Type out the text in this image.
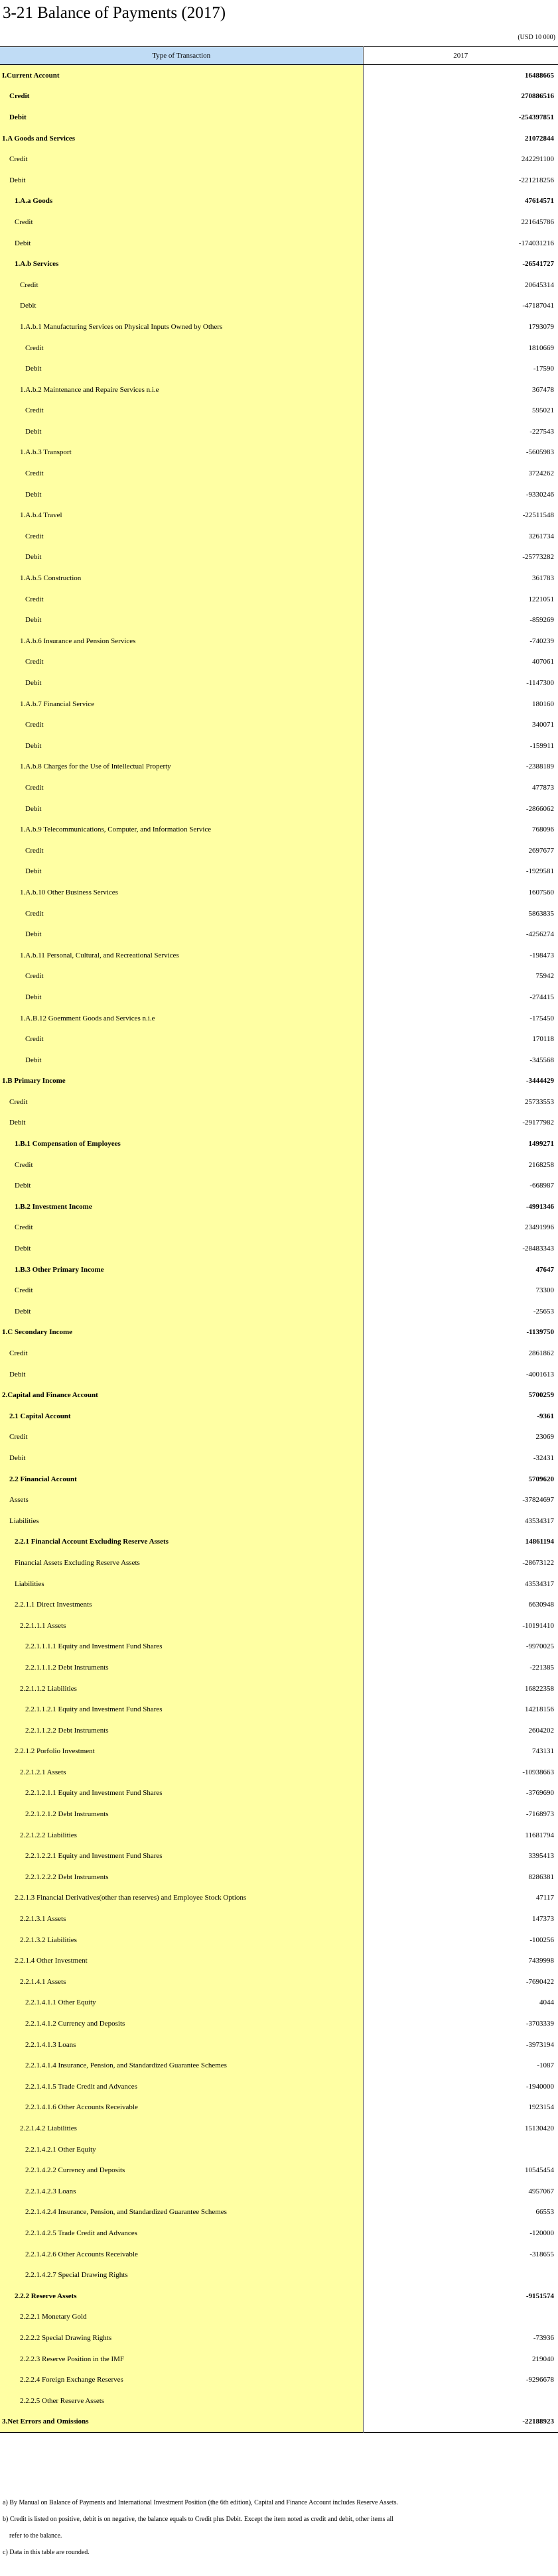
3-21 Balance of Payments (2017)
(USD 10 000)
Type of Transaction	2017
I.Current Account	16488665
Credit	270886516
Debit	-254397851
1.A Goods and Services	21072844
Credit	242291100
Debit	-221218256
1.A.a Goods	47614571
Credit	221645786
Debit	-174031216
1.A.b Services	-26541727
Credit	20645314
Debit	-47187041
1.A.b.1 Manufacturing Services on Physical Inputs Owned by Others	1793079
Credit	1810669
Debit	-17590
1.A.b.2 Maintenance and Repaire Services n.i.e	367478
Credit	595021
Debit	-227543
1.A.b.3 Transport	-5605983
Credit	3724262
Debit	-9330246
1.A.b.4 Travel	-22511548
Credit	3261734
Debit	-25773282
1.A.b.5 Construction	361783
Credit	1221051
Debit	-859269
1.A.b.6 Insurance and Pension Services	-740239
Credit	407061
Debit	-1147300
1.A.b.7 Financial Service	180160
Credit	340071
Debit	-159911
1.A.b.8 Charges for the Use of Intellectual Property	-2388189
Credit	477873
Debit	-2866062
1.A.b.9 Telecommunications, Computer, and Information Service	768096
Credit	2697677
Debit	-1929581
1.A.b.10 Other Business Services	1607560
Credit	5863835
Debit	-4256274
1.A.b.11 Personal, Cultural, and Recreational Services	-198473
Credit	75942
Debit	-274415
1.A.B.12 Goemment Goods and Services n.i.e	-175450
Credit	170118
Debit	-345568
1.B Primary Income	-3444429
Credit	25733553
Debit	-29177982
1.B.1 Compensation of Employees	1499271
Credit	2168258
Debit	-668987
1.B.2 Investment Income	-4991346
Credit	23491996
Debit	-28483343
1.B.3 Other Primary Income	47647
Credit	73300
Debit	-25653
1.C Secondary Income	-1139750
Credit	2861862
Debit	-4001613
2.Capital and Finance Account	5700259
2.1 Capital Account	-9361
Credit	23069
Debit	-32431
2.2 Financial Account	5709620
Assets	-37824697
Liabilities	43534317
2.2.1 Financial Account Excluding Reserve Assets	14861194
Financial Assets Excluding Reserve Assets	-28673122
Liabilities	43534317
2.2.1.1 Direct Investments	6630948
2.2.1.1.1 Assets	-10191410
2.2.1.1.1.1 Equity and Investment Fund Shares	-9970025
2.2.1.1.1.2 Debt Instruments	-221385
2.2.1.1.2 Liabilities	16822358
2.2.1.1.2.1 Equity and Investment Fund Shares	14218156
2.2.1.1.2.2 Debt Instruments	2604202
2.2.1.2 Porfolio Investment	743131
2.2.1.2.1 Assets	-10938663
2.2.1.2.1.1 Equity and Investment Fund Shares	-3769690
2.2.1.2.1.2 Debt Instruments	-7168973
2.2.1.2.2 Liabilities	11681794
2.2.1.2.2.1 Equity and Investment Fund Shares	3395413
2.2.1.2.2.2 Debt Instruments	8286381
2.2.1.3 Financial Derivatives(other than reserves) and Employee Stock Options	47117
2.2.1.3.1 Assets	147373
2.2.1.3.2 Liabilities	-100256
2.2.1.4 Other Investment	7439998
2.2.1.4.1 Assets	-7690422
2.2.1.4.1.1 Other Equity	4044
2.2.1.4.1.2 Currency and Deposits	-3703339
2.2.1.4.1.3 Loans	-3973194
2.2.1.4.1.4 Insurance, Pension, and Standardized Guarantee Schemes	-1087
2.2.1.4.1.5 Trade Credit and Advances	-1940000
2.2.1.4.1.6 Other Accounts Receivable	1923154
2.2.1.4.2 Liabilities	15130420
2.2.1.4.2.1 Other Equity	
2.2.1.4.2.2 Currency and Deposits	10545454
2.2.1.4.2.3 Loans	4957067
2.2.1.4.2.4 Insurance, Pension, and Standardized Guarantee Schemes	66553
2.2.1.4.2.5 Trade Credit and Advances	-120000
2.2.1.4.2.6 Other Accounts Receivable	-318655
2.2.1.4.2.7 Special Drawing Rights	
2.2.2 Reserve Assets	-9151574
2.2.2.1 Monetary Gold	
2.2.2.2 Special Drawing Rights	-73936
2.2.2.3 Reserve Position in the IMF	219040
2.2.2.4 Foreign Exchange Reserves	-9296678
2.2.2.5 Other Reserve Assets	
3.Net Errors and Omissions	-22188923

a) By Manual on Balance of Payments and International Investment Position (the 6th edition), Capital and Finance Account includes Reserve Assets.

b) Credit is listed on positive, debit is on negative, the balance equals to Credit plus Debit. Except the item noted as credit and debit, other items all

refer to the balance.

c) Data in this table are rounded.
